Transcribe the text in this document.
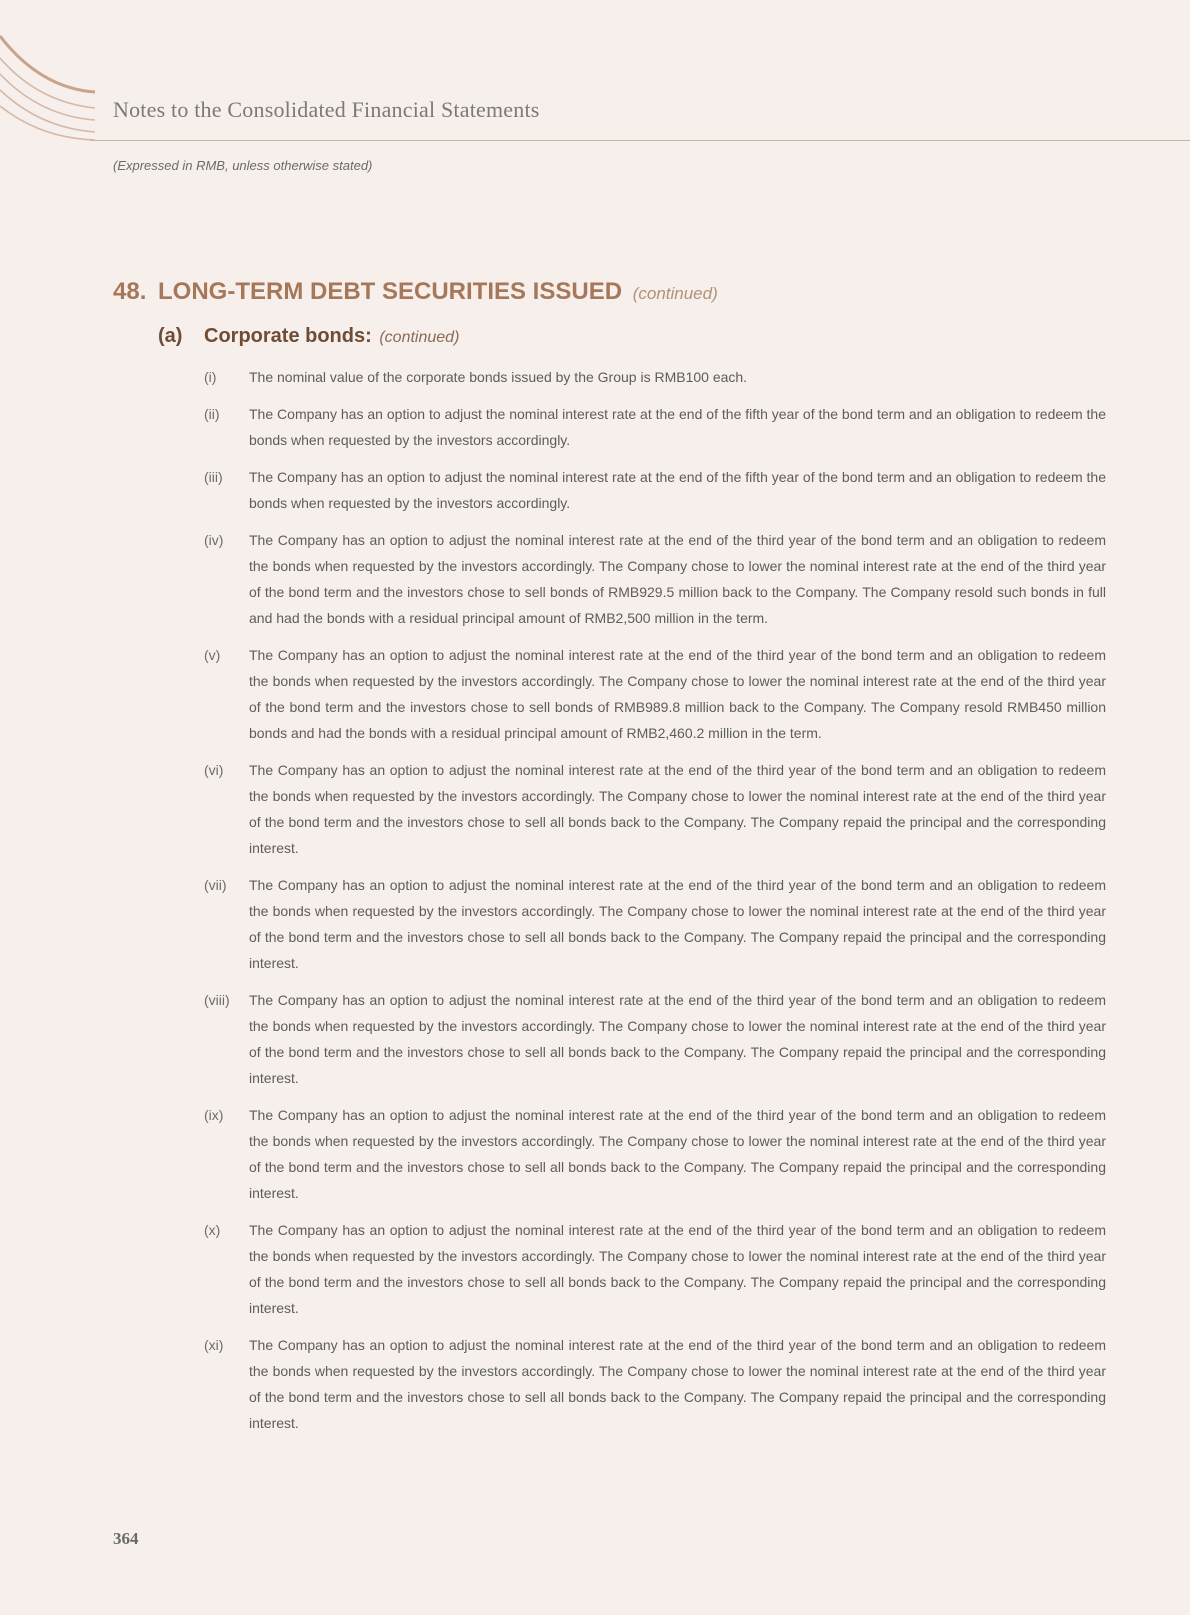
Notes to the Consolidated Financial Statements
(Expressed in RMB, unless otherwise stated)
48. LONG-TERM DEBT SECURITIES ISSUED (continued)
(a) Corporate bonds: (continued)
(i)	The nominal value of the corporate bonds issued by the Group is RMB100 each.
(ii)	The Company has an option to adjust the nominal interest rate at the end of the fifth year of the bond term and an obligation to redeem the bonds when requested by the investors accordingly.
(iii)	The Company has an option to adjust the nominal interest rate at the end of the fifth year of the bond term and an obligation to redeem the bonds when requested by the investors accordingly.
(iv)	The Company has an option to adjust the nominal interest rate at the end of the third year of the bond term and an obligation to redeem the bonds when requested by the investors accordingly. The Company chose to lower the nominal interest rate at the end of the third year of the bond term and the investors chose to sell bonds of RMB929.5 million back to the Company. The Company resold such bonds in full and had the bonds with a residual principal amount of RMB2,500 million in the term.
(v)	The Company has an option to adjust the nominal interest rate at the end of the third year of the bond term and an obligation to redeem the bonds when requested by the investors accordingly. The Company chose to lower the nominal interest rate at the end of the third year of the bond term and the investors chose to sell bonds of RMB989.8 million back to the Company. The Company resold RMB450 million bonds and had the bonds with a residual principal amount of RMB2,460.2 million in the term.
(vi)	The Company has an option to adjust the nominal interest rate at the end of the third year of the bond term and an obligation to redeem the bonds when requested by the investors accordingly. The Company chose to lower the nominal interest rate at the end of the third year of the bond term and the investors chose to sell all bonds back to the Company. The Company repaid the principal and the corresponding interest.
(vii)	The Company has an option to adjust the nominal interest rate at the end of the third year of the bond term and an obligation to redeem the bonds when requested by the investors accordingly. The Company chose to lower the nominal interest rate at the end of the third year of the bond term and the investors chose to sell all bonds back to the Company. The Company repaid the principal and the corresponding interest.
(viii)	The Company has an option to adjust the nominal interest rate at the end of the third year of the bond term and an obligation to redeem the bonds when requested by the investors accordingly. The Company chose to lower the nominal interest rate at the end of the third year of the bond term and the investors chose to sell all bonds back to the Company. The Company repaid the principal and the corresponding interest.
(ix)	The Company has an option to adjust the nominal interest rate at the end of the third year of the bond term and an obligation to redeem the bonds when requested by the investors accordingly. The Company chose to lower the nominal interest rate at the end of the third year of the bond term and the investors chose to sell all bonds back to the Company. The Company repaid the principal and the corresponding interest.
(x)	The Company has an option to adjust the nominal interest rate at the end of the third year of the bond term and an obligation to redeem the bonds when requested by the investors accordingly. The Company chose to lower the nominal interest rate at the end of the third year of the bond term and the investors chose to sell all bonds back to the Company. The Company repaid the principal and the corresponding interest.
(xi)	The Company has an option to adjust the nominal interest rate at the end of the third year of the bond term and an obligation to redeem the bonds when requested by the investors accordingly. The Company chose to lower the nominal interest rate at the end of the third year of the bond term and the investors chose to sell all bonds back to the Company. The Company repaid the principal and the corresponding interest.
364
